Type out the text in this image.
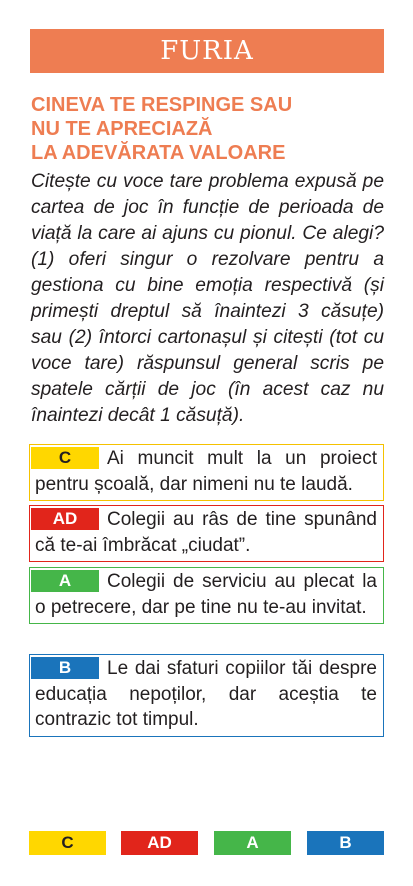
FURIA
CINEVA TE RESPINGE SAU
NU TE APRECIAZĂ
LA ADEVĂRATA VALOARE

Citește cu voce tare problema expusă pe cartea de joc în funcție de perioada de viață la care ai ajuns cu pionul. Ce alegi? (1) oferi singur o rezolvare pentru a gestiona cu bine emoția respectivă (și primești dreptul să înaintezi 3 căsuțe) sau (2) întorci cartonașul și citești (tot cu voce tare) răspunsul general scris pe spatele cărții de joc (în acest caz nu înaintezi decât 1 căsuță).

C	Ai muncit mult la un proiect pentru școală, dar nimeni nu te laudă.
AD	Colegii au râs de tine spunând că te-ai îmbrăcat „ciudat”.
A	Colegii de serviciu au plecat la o petrecere, dar pe tine nu te-au invitat.
B	Le dai sfaturi copiilor tăi despre educația nepoților, dar aceștia te contrazic tot timpul.
C	AD	A	B
